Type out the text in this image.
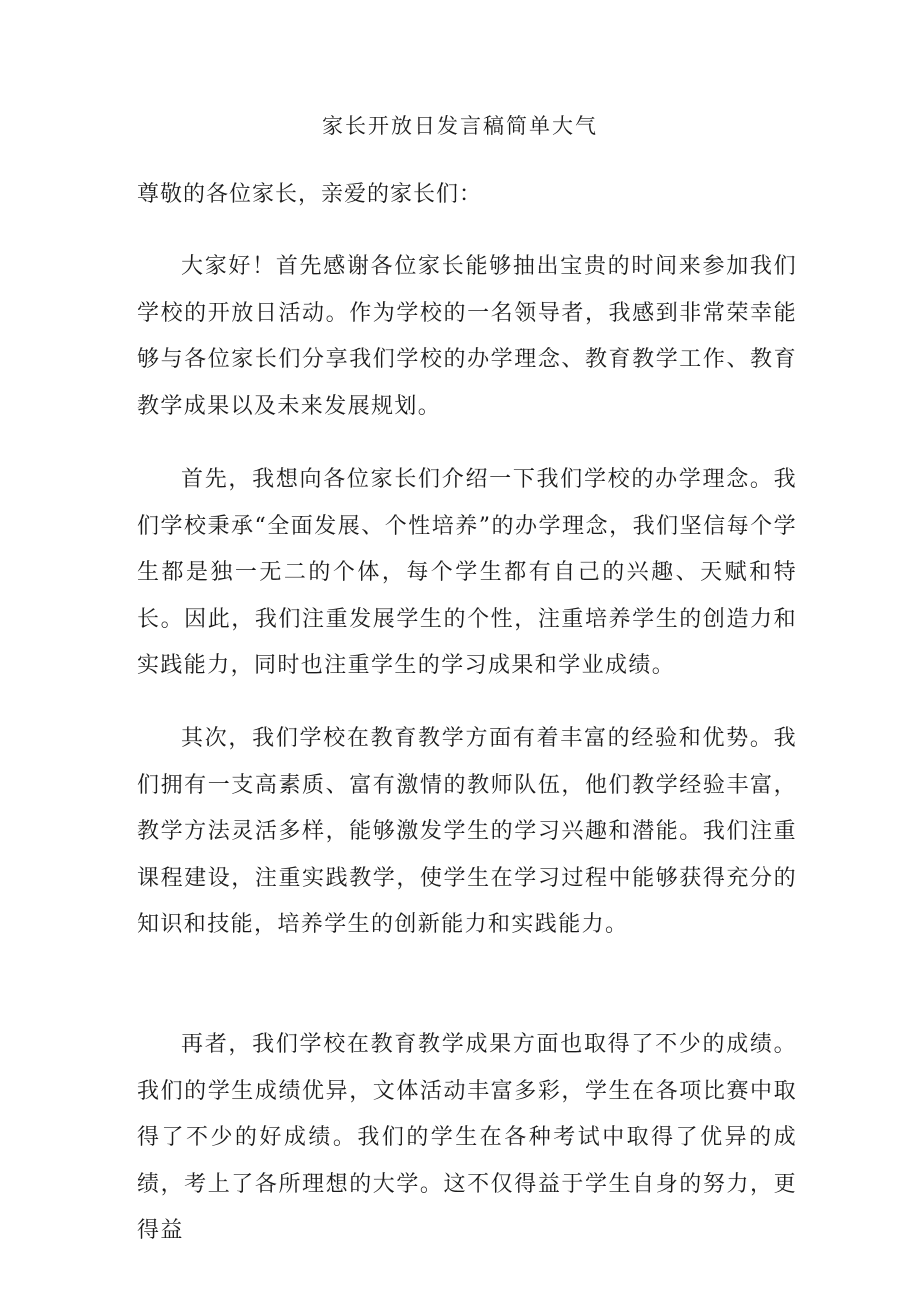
家长开放日发言稿简单大气
尊敬的各位家长，亲爱的家长们：

大家好！首先感谢各位家长能够抽出宝贵的时间来参加我们学校的开放日活动。作为学校的一名领导者，我感到非常荣幸能够与各位家长们分享我们学校的办学理念、教育教学工作、教育教学成果以及未来发展规划。

首先，我想向各位家长们介绍一下我们学校的办学理念。我们学校秉承“全面发展、个性培养”的办学理念，我们坚信每个学生都是独一无二的个体，每个学生都有自己的兴趣、天赋和特长。因此，我们注重发展学生的个性，注重培养学生的创造力和实践能力，同时也注重学生的学习成果和学业成绩。

其次，我们学校在教育教学方面有着丰富的经验和优势。我们拥有一支高素质、富有激情的教师队伍，他们教学经验丰富，教学方法灵活多样，能够激发学生的学习兴趣和潜能。我们注重课程建设，注重实践教学，使学生在学习过程中能够获得充分的知识和技能，培养学生的创新能力和实践能力。

再者，我们学校在教育教学成果方面也取得了不少的成绩。我们的学生成绩优异，文体活动丰富多彩，学生在各项比赛中取得了不少的好成绩。我们的学生在各种考试中取得了优异的成绩，考上了各所理想的大学。这不仅得益于学生自身的努力，更得益
